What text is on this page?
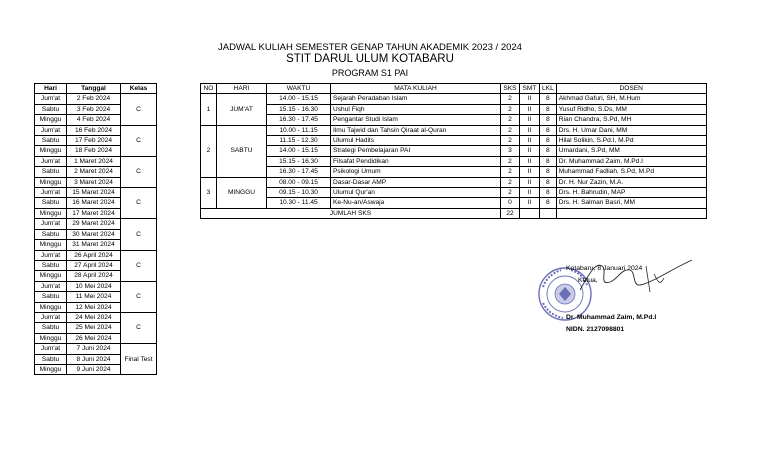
JADWAL KULIAH SEMESTER GENAP TAHUN AKADEMIK 2023 / 2024
STIT DARUL ULUM KOTABARU
PROGRAM S1 PAI
Hari	Tanggal	Kelas
Jum'at	2 Feb 2024	C
Sabtu	3 Feb 2024	
Minggu	4 Feb 2024	
Jum'at	16 Feb 2024	C
Sabtu	17 Feb 2024	
Minggu	18 Feb 2024	
Jum'at	1 Maret 2024	C
Sabtu	2 Maret 2024	
Minggu	3 Maret 2024	
Jum'at	15 Maret 2024	C
Sabtu	16 Maret 2024	
Minggu	17 Maret 2024	
Jum'at	29 Maret 2024	C
Sabtu	30 Maret 2024	
Minggu	31 Maret 2024	
Jum'at	26 April 2024	C
Sabtu	27 April 2024	
Minggu	28 April 2024	
Jum'at	10 Mei 2024	C
Sabtu	11 Mei 2024	
Minggu	12 Mei 2024	
Jum'at	24 Mei 2024	C
Sabtu	25 Mei 2024	
Minggu	26 Mei 2024	
Jum'at	7 Juni 2024	Final Test
Sabtu	8 Juni 2024	
Minggu	9 Juni 2024	
NO	HARI	WAKTU	MATA KULIAH	SKS	SMT	LKL	DOSEN
1	JUM'AT	14.00 - 15.15	Sejarah Peradaban Islam	2	II	8	Akhmad Gafuri, SH, M.Hum
		15.15 - 16.30	Ushul Fiqh	2	II	8	Yusuf Ridho, S.Ds, MM
		16.30 - 17.45	Pengantar Studi Islam	2	II	8	Rian Chandra, S.Pd, MH
2	SABTU	10.00 - 11.15	Ilmu Tajwid dan Tahsin Qiraat al-Quran	2	II	8	Drs. H. Umar Dani, MM
		11.15 - 12.30	Ulumul Hadits	2	II	8	Hilal Solikin, S.Pd.I, M.Pd
		14.00 - 15.15	Strategi Pembelajaran PAI	3	II	8	Umardani, S.Pd, MM
		15.15 - 16.30	Filsafat Pendidikan	2	II	8	Dr. Muhammad Zaim, M.Pd.I
		16.30 - 17.45	Psikologi Umum	2	II	8	Muhammad Fadliah, S.Pd, M.Pd
3	MINGGU	08.00 - 09.15	Dasar-Dasar AMP	2	II	8	Dr. H. Nur Zazin, M.A.
		09.15 - 10.30	Ulumul Qur'an	2	II	8	Drs. H. Bahrudin, MAP
		10.30 - 11.45	Ke-Nu-an/Aswaja	0	II	8	Drs. H. Salman Basri, MM
JUMLAH SKS				22			
Kotabaru, 8 Januari 2024
Ketua,
Dr. Muhammad Zaim, M.Pd.I
NIDN. 2127098801
